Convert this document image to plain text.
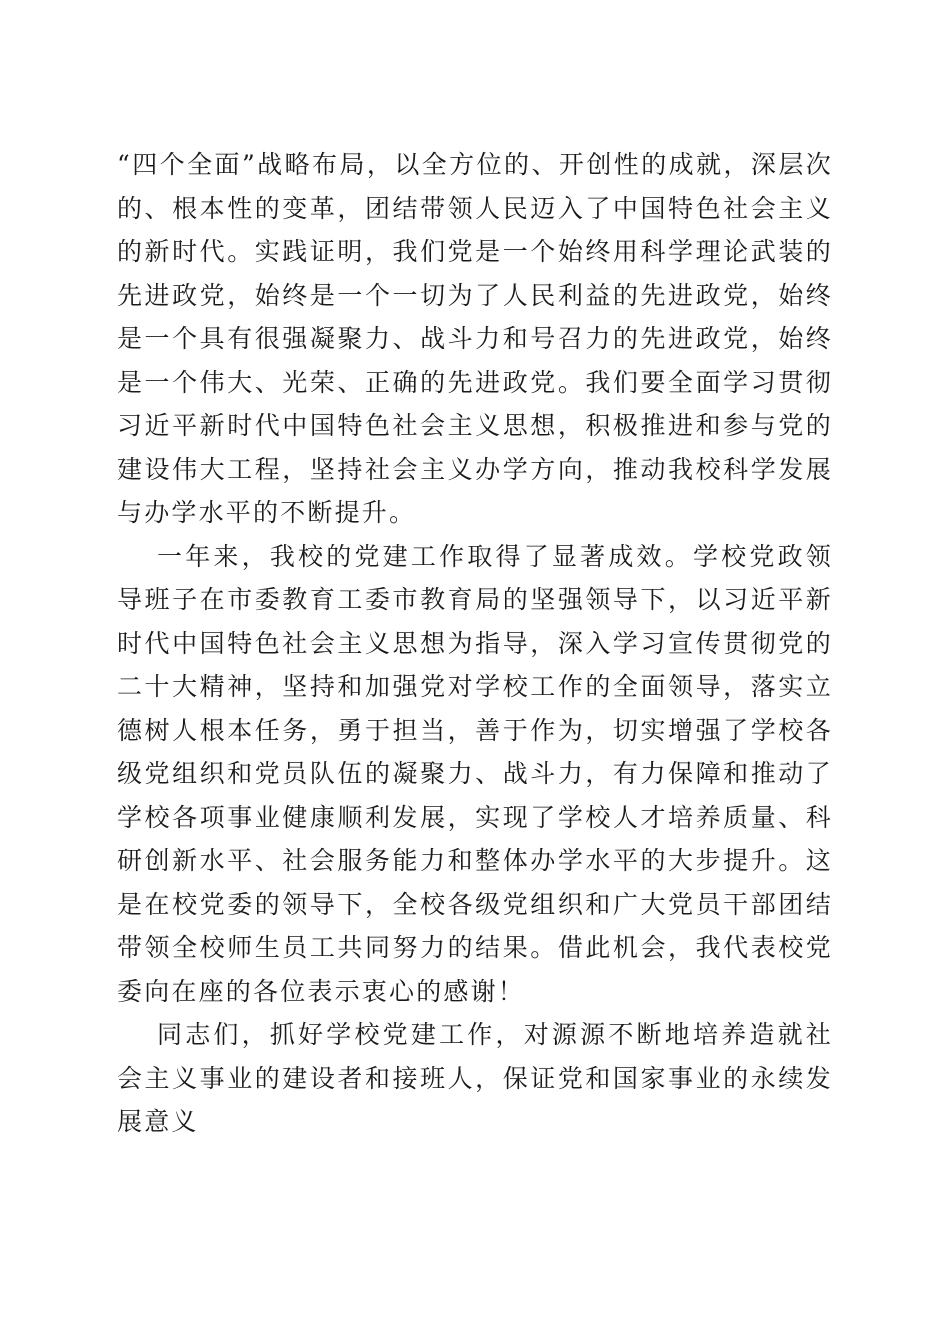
“四个全面”战略布局，以全方位的、开创性的成就，深层次的、根本性的变革，团结带领人民迈入了中国特色社会主义的新时代。实践证明，我们党是一个始终用科学理论武装的先进政党，始终是一个一切为了人民利益的先进政党，始终是一个具有很强凝聚力、战斗力和号召力的先进政党，始终是一个伟大、光荣、正确的先进政党。我们要全面学习贯彻习近平新时代中国特色社会主义思想，积极推进和参与党的建设伟大工程，坚持社会主义办学方向，推动我校科学发展与办学水平的不断提升。

一年来，我校的党建工作取得了显著成效。学校党政领导班子在市委教育工委市教育局的坚强领导下，以习近平新时代中国特色社会主义思想为指导，深入学习宣传贯彻党的二十大精神，坚持和加强党对学校工作的全面领导，落实立德树人根本任务，勇于担当，善于作为，切实增强了学校各级党组织和党员队伍的凝聚力、战斗力，有力保障和推动了学校各项事业健康顺利发展，实现了学校人才培养质量、科研创新水平、社会服务能力和整体办学水平的大步提升。这是在校党委的领导下，全校各级党组织和广大党员干部团结带领全校师生员工共同努力的结果。借此机会，我代表校党委向在座的各位表示衷心的感谢！

同志们，抓好学校党建工作，对源源不断地培养造就社会主义事业的建设者和接班人，保证党和国家事业的永续发展意义
